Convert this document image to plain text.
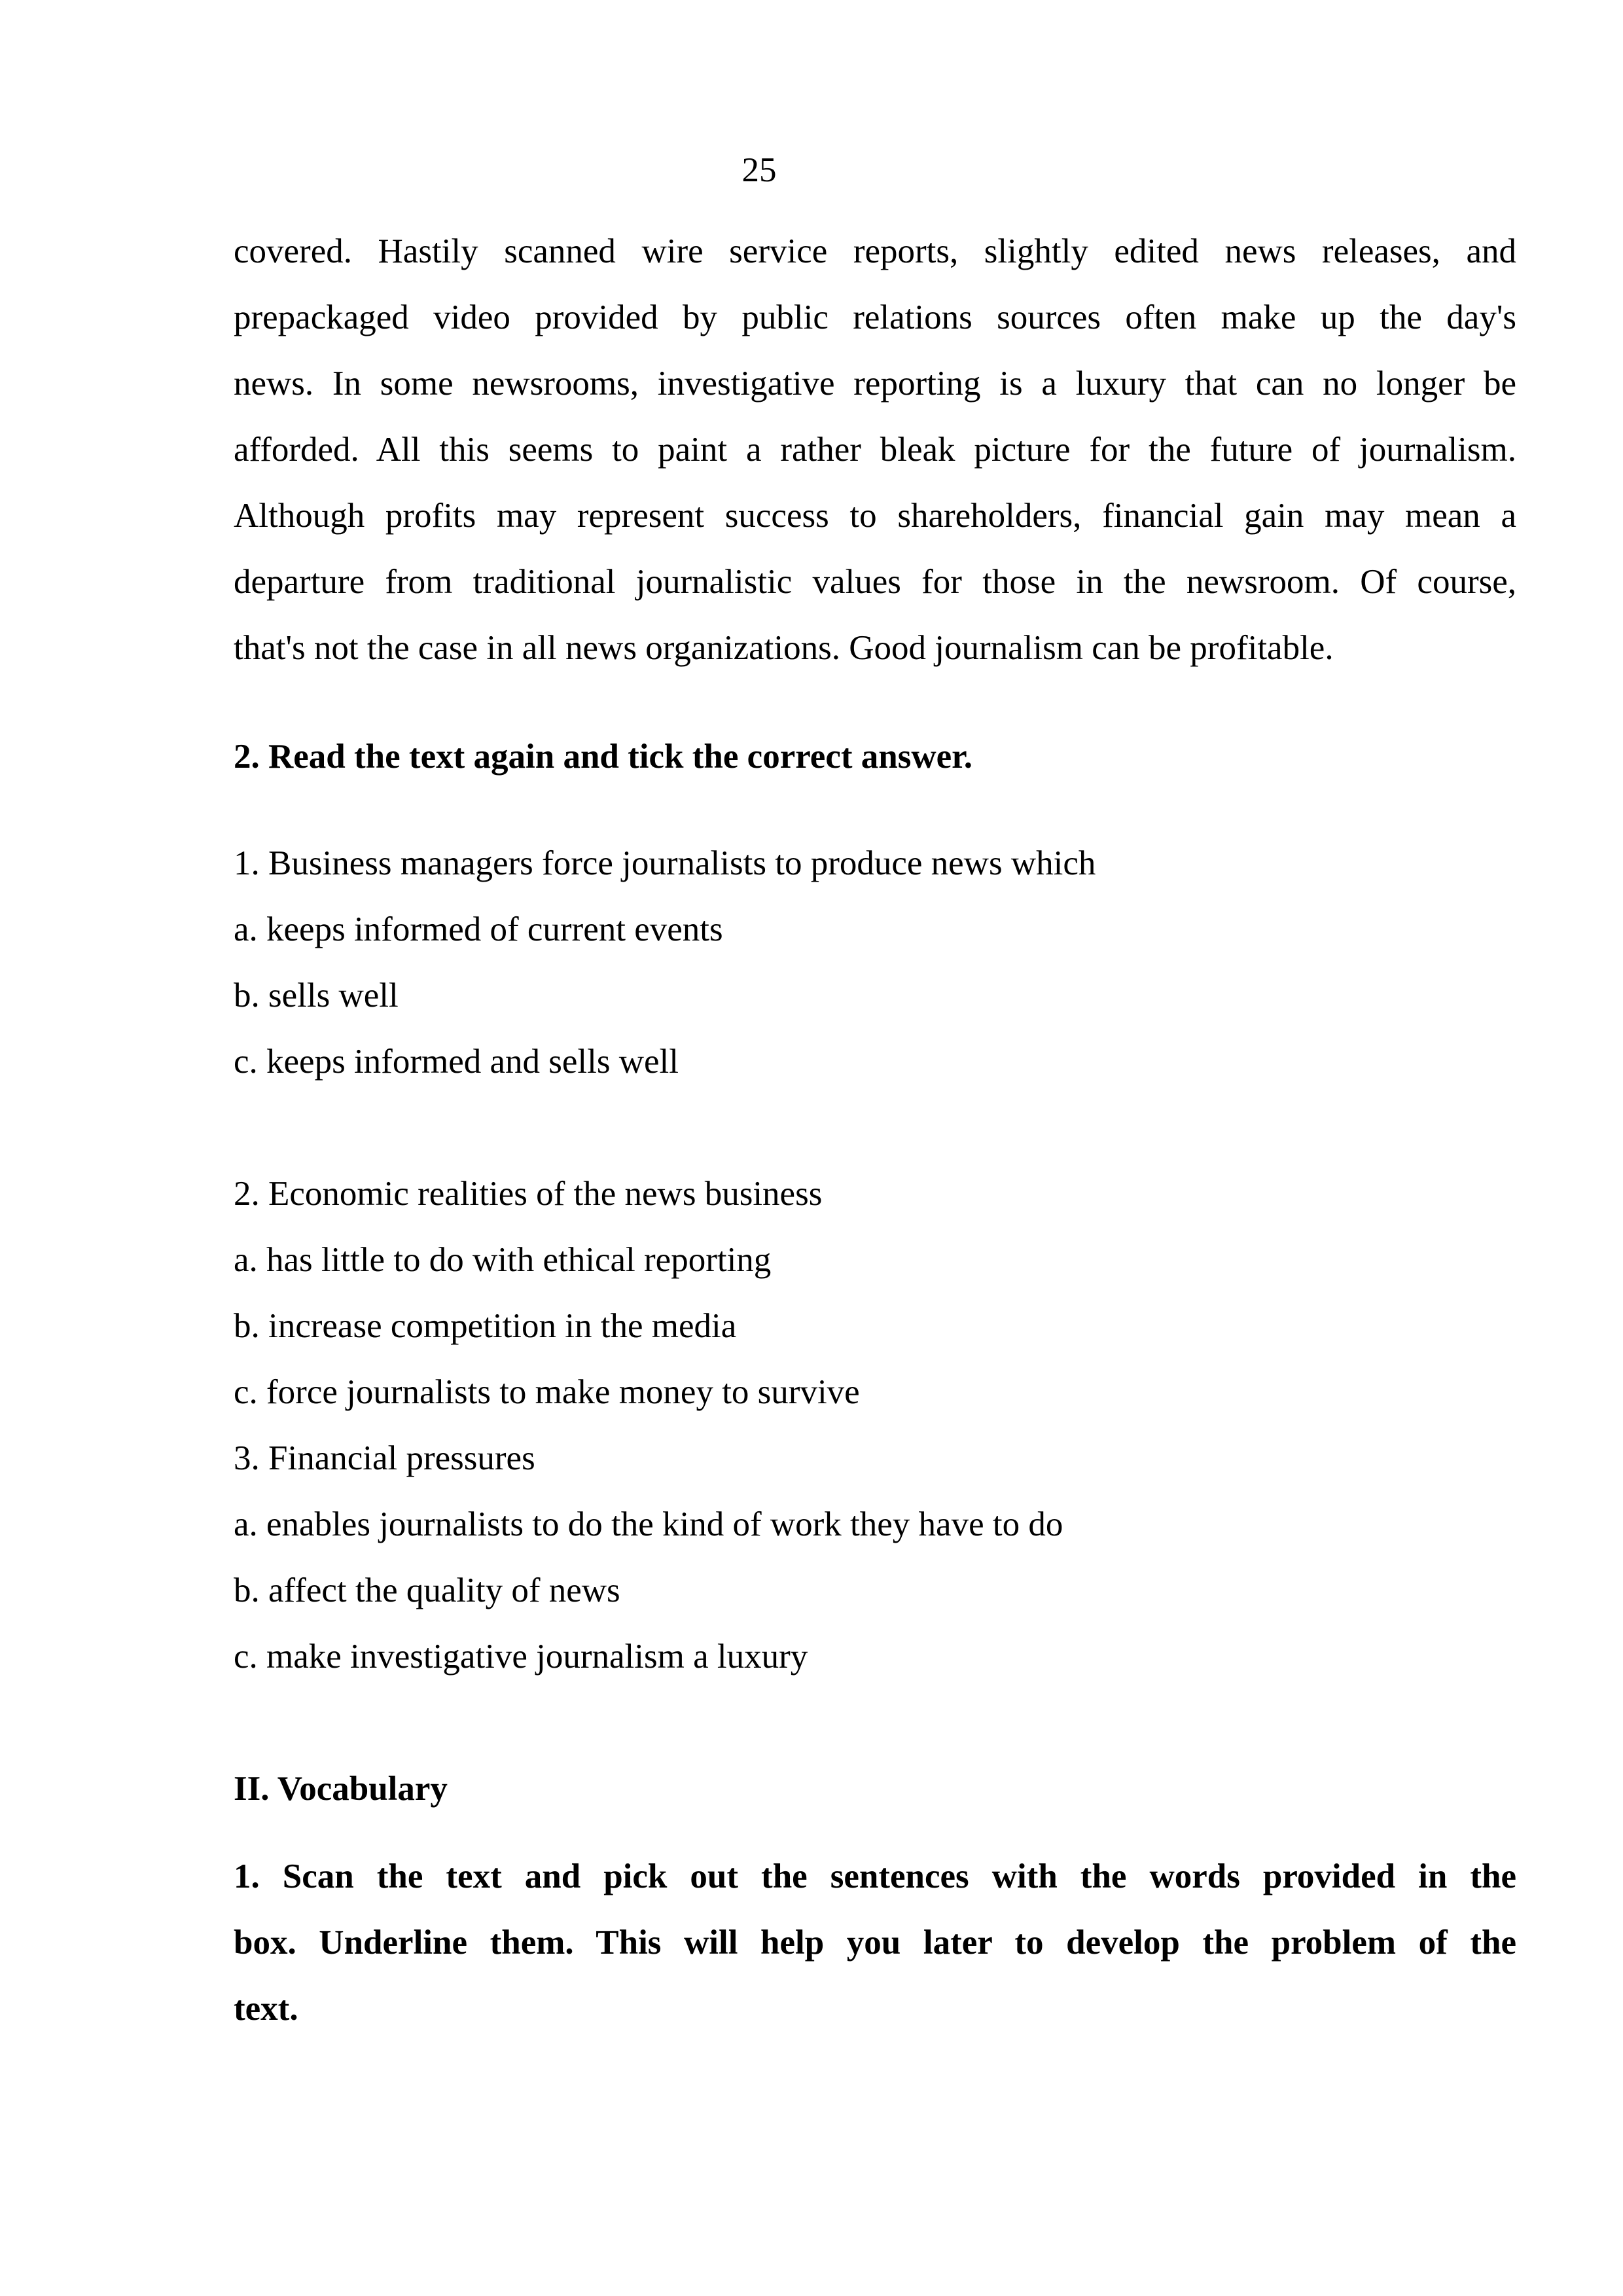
25
covered. Hastily scanned wire service reports, slightly edited news releases, and
prepackaged video provided by public relations sources often make up the day's
news. In some newsrooms, investigative reporting is a luxury that can no longer be
afforded. All this seems to paint a rather bleak picture for the future of journalism.
Although profits may represent success to shareholders, financial gain may mean a
departure from traditional journalistic values for those in the newsroom. Of course,
that's not the case in all news organizations. Good journalism can be profitable.

2. Read the text again and tick the correct answer.

1. Business managers force journalists to produce news which

a. keeps informed of current events

b. sells well

c. keeps informed and sells well

2. Economic realities of the news business

a. has little to do with ethical reporting

b. increase competition in the media

c. force journalists to make money to survive

3. Financial pressures

a. enables journalists to do the kind of work they have to do

b. affect the quality of news

c. make investigative journalism a luxury

II. Vocabulary

1. Scan the text and pick out the sentences with the words provided in the
box. Underline them. This will help you later to develop the problem of the
text.
